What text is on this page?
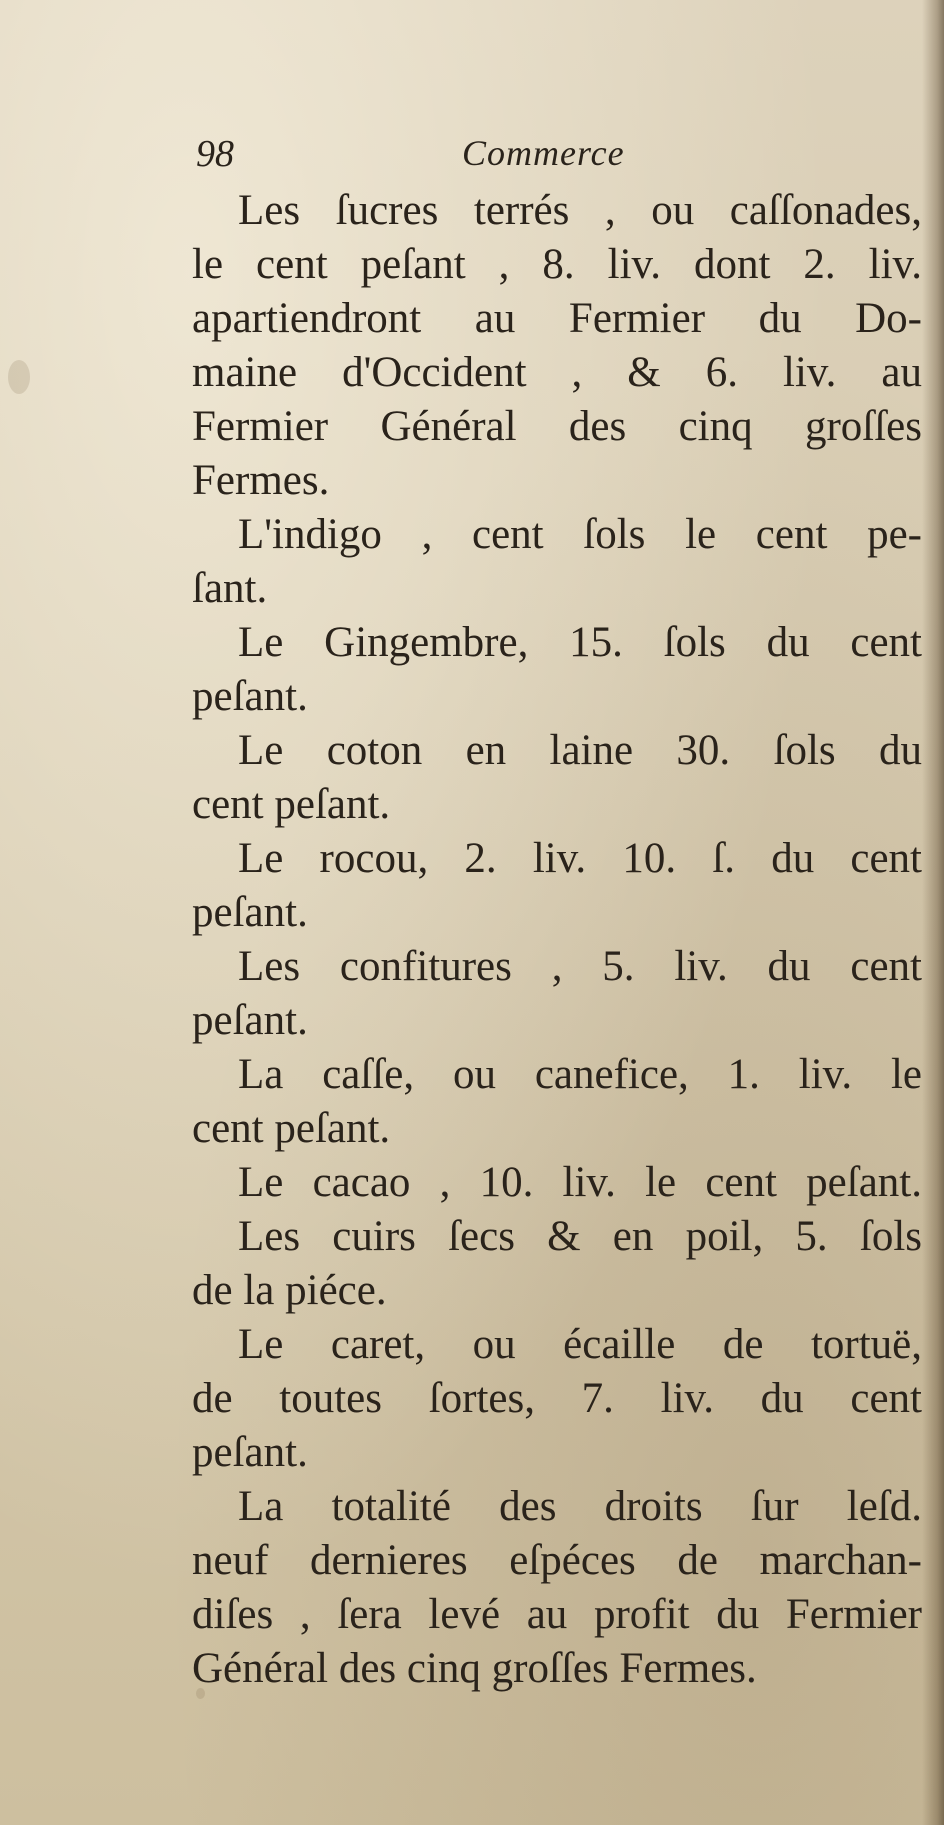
98	Commerce
Les ſucres terrés , ou caſſonades,
le cent peſant , 8. liv. dont 2. liv.
apartiendront au Fermier du Do-
maine d'Occident , & 6. liv. au
Fermier Général des cinq groſſes
Fermes.
L'indigo , cent ſols le cent pe-
ſant.
Le Gingembre, 15. ſols du cent
peſant.
Le coton en laine 30. ſols du
cent peſant.
Le rocou, 2. liv. 10. ſ. du cent
peſant.
Les confitures , 5. liv. du cent
peſant.
La caſſe, ou canefice, 1. liv. le
cent peſant.
Le cacao , 10. liv. le cent peſant.
Les cuirs ſecs & en poil, 5. ſols
de la piéce.
Le caret, ou écaille de tortuë,
de toutes ſortes, 7. liv. du cent
peſant.
La totalité des droits ſur leſd.
neuf dernieres eſpéces de marchan-
diſes , ſera levé au profit du Fermier
Général des cinq groſſes Fermes.
